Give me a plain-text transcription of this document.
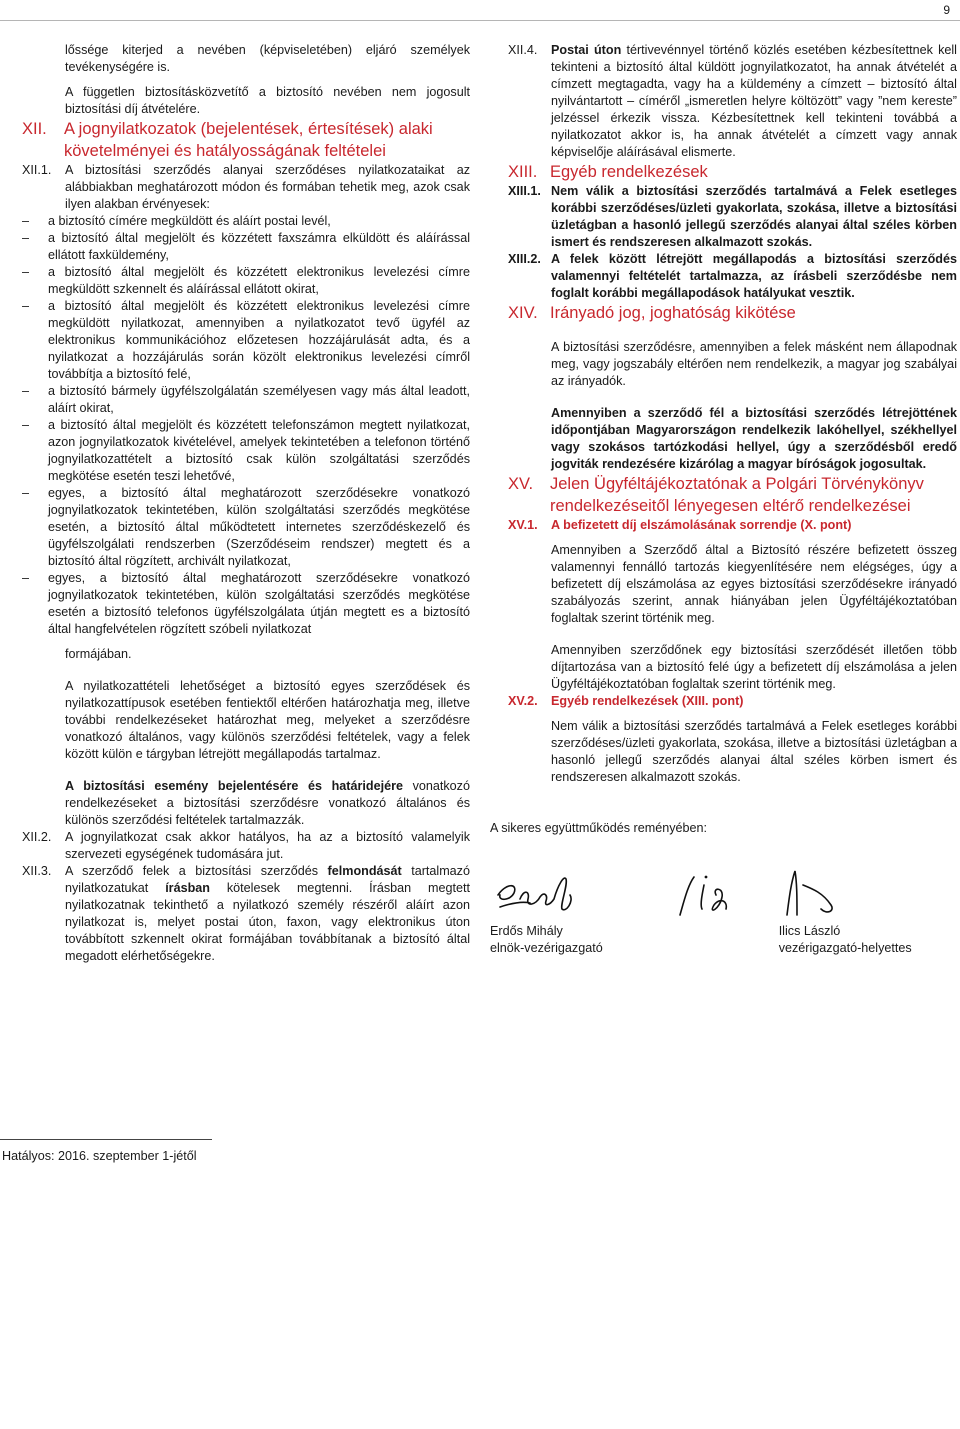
9

lőssége kiterjed a nevében (képviseletében) eljáró személyek tevékenységére is.

A független biztosításközvetítő a biztosító nevében nem jogosult biztosítási díj átvételére.

XII.	A jognyilatkozatok (bejelentések, értesítések) alaki követelményei és hatályosságának feltételei
XII.1.	A biztosítási szerződés alanyai szerződéses nyilatkozataikat az alábbiakban meghatározott módon és formában tehetik meg, azok csak ilyen alakban érvényesek:
– a biztosító címére megküldött és aláírt postai levél,
– a biztosító által megjelölt és közzétett faxszámra elküldött és aláírással ellátott faxküldemény,
– a biztosító által megjelölt és közzétett elektronikus levelezési címre megküldött szkennelt és aláírással ellátott okirat,
– a biztosító által megjelölt és közzétett elektronikus levelezési címre megküldött nyilatkozat, amennyiben a nyilatkozatot tevő ügyfél az elektronikus kommunikációhoz előzetesen hozzájárulását adta, és a nyilatkozat a hozzájárulás során közölt elektronikus levelezési címről továbbítja a biztosító felé,
– a biztosító bármely ügyfélszolgálatán személyesen vagy más által leadott, aláírt okirat,
– a biztosító által megjelölt és közzétett telefonszámon megtett nyilatkozat, azon jognyilatkozatok kivételével, amelyek tekintetében a telefonon történő jognyilatkozattételt a biztosító csak külön szolgáltatási szerződés megkötése esetén teszi lehetővé,
– egyes, a biztosító által meghatározott szerződésekre vonatkozó jognyilatkozatok tekintetében, külön szolgáltatási szerződés megkötése esetén, a biztosító által működtetett internetes szerződéskezelő és ügyfélszolgálati rendszerben (Szerződéseim rendszer) megtett és a biztosító által rögzített, archivált nyilatkozat,
– egyes, a biztosító által meghatározott szerződésekre vonatkozó jognyilatkozatok tekintetében, külön szolgáltatási szerződés megkötése esetén a biztosító telefonos ügyfélszolgálata útján megtett es a biztosító által hangfelvételen rögzített szóbeli nyilatkozat

formájában.

A nyilatkozattételi lehetőséget a biztosító egyes szerződések és nyilatkozattípusok esetében fentiektől eltérően határozhatja meg, illetve további rendelkezéseket határozhat meg, melyeket a szerződésre vonatkozó általános, vagy különös szerződési feltételek, vagy a felek között külön e tárgyban létrejött megállapodás tartalmaz.

A biztosítási esemény bejelentésére és határidejére vonatkozó rendelkezéseket a biztosítási szerződésre vonatkozó általános és különös szerződési feltételek tartalmazzák.

XII.2.	A jognyilatkozat csak akkor hatályos, ha az a biztosító valamelyik szervezeti egységének tudomására jut.
XII.3.	A szerződő felek a biztosítási szerződés felmondását tartalmazó nyilatkozatukat írásban kötelesek megtenni. Írásban megtett nyilatkozatnak tekinthető a nyilatkozó személy részéről aláírt azon nyilatkozat is, melyet postai úton, faxon, vagy elektronikus úton továbbított szkennelt okirat formájában továbbítanak a biztosító által megadott elérhetőségekre.
XII.4.	Postai úton tértivevénnyel történő közlés esetében kézbesítettnek kell tekinteni a biztosító által küldött jognyilatkozatot, ha annak átvételét a címzett megtagadta, vagy ha a küldemény a címzett – biztosító által nyilvántartott – címéről „ismeretlen helyre költözött” vagy ”nem kereste” jelzéssel érkezik vissza. Kézbesítettnek kell tekinteni továbbá a nyilatkozatot akkor is, ha annak átvételét a címzett vagy annak képviselője aláírásával elismerte.
XIII. Egyéb rendelkezések
XIII.1. Nem válik a biztosítási szerződés tartalmává a Felek esetleges korábbi szerződéses/üzleti gyakorlata, szokása, illetve a biztosítási üzletágban a hasonló jellegű szerződés alanyai által széles körben ismert és rendszeresen alkalmazott szokás.
XIII.2. A felek között létrejött megállapodás a biztosítási szerződés valamennyi feltételét tartalmazza, az írásbeli szerződésbe nem foglalt korábbi megállapodások hatályukat vesztik.
XIV. Irányadó jog, joghatóság kikötése

A biztosítási szerződésre, amennyiben a felek másként nem állapodnak meg, vagy jogszabály eltérően nem rendelkezik, a magyar jog szabályai az irányadók.

Amennyiben a szerződő fél a biztosítási szerződés létrejöttének időpontjában Magyarországon rendelkezik lakóhellyel, székhellyel vagy szokásos tartózkodási hellyel, úgy a szerződésből eredő jogviták rendezésére kizárólag a magyar bíróságok jogosultak.

XV.	Jelen Ügyféltájékoztatónak a Polgári Törvénykönyv rendelkezéseitől lényegesen eltérő rendelkezései
XV.1.	A befizetett díj elszámolásának sorrendje (X. pont)

Amennyiben a Szerződő által a Biztosító részére befizetett összeg valamennyi fennálló tartozás kiegyenlítésére nem elégséges, úgy a befizetett díj elszámolása az egyes biztosítási szerződésekre irányadó szabályozás szerint, annak hiányában jelen Ügyféltájékoztatóban foglaltak szerint történik meg.

Amennyiben szerződőnek egy biztosítási szerződését illetően több díjtartozása van a biztosító felé úgy a befizetett díj elszámolása a jelen Ügyféltájékoztatóban foglaltak szerint történik meg.

XV.2.	Egyéb rendelkezések (XIII. pont)

Nem válik a biztosítási szerződés tartalmává a Felek esetleges korábbi szerződéses/üzleti gyakorlata, szokása, illetve a biztosítási üzletágban a hasonló jellegű szerződés alanyai által széles körben ismert és rendszeresen alkalmazott szokás.

A sikeres együttműködés reményében:

Erdős Mihály
elnök-vezérigazgató
Ilics László
vezérigazgató-helyettes
Hatályos: 2016. szeptember 1-jétől
